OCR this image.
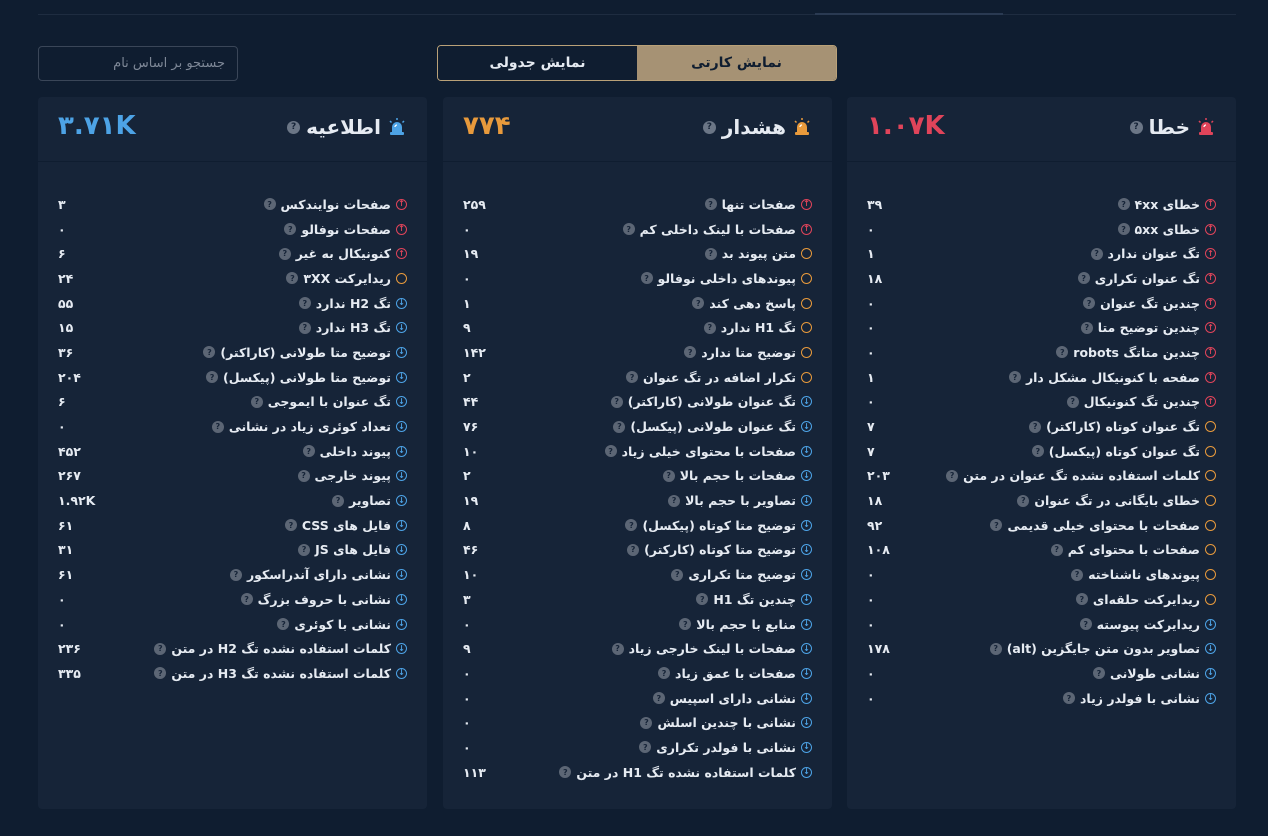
جستجو بر اساس نام
نمایش کارتی
نمایش جدولی
خطا
?
۱.۰۷K
↑
خطای ۴xx
?
۳۹
↑
خطای ۵xx
?
۰
↑
تگ عنوان ندارد
?
۱
↑
تگ عنوان تکراری
?
۱۸
↑
چندین تگ عنوان
?
۰
↑
چندین توضیح متا
?
۰
↑
چندین متاتگ robots
?
۰
↑
صفحه با کنونیکال مشکل دار
?
۱
↑
چندین تگ کنونیکال
?
۰
تگ عنوان کوتاه (کاراکتر)
?
۷
تگ عنوان کوتاه (پیکسل)
?
۷
کلمات استفاده نشده تگ عنوان در متن
?
۲۰۳
خطای بایگانی در تگ عنوان
?
۱۸
صفحات با محتوای خیلی قدیمی
?
۹۲
صفحات با محتوای کم
?
۱۰۸
پیوندهای ناشناخته
?
۰
ریدایرکت حلقه‌ای
?
۰
↓
ریدایرکت پیوسته
?
۰
↓
تصاویر بدون متن جایگزین (alt)
?
۱۷۸
↓
نشانی طولانی
?
۰
↓
نشانی با فولدر زیاد
?
۰
هشدار
?
۷۷۴
↑
صفحات تنها
?
۲۵۹
↑
صفحات با لینک داخلی کم
?
۰
متن پیوند بد
?
۱۹
پیوندهای داخلی نوفالو
?
۰
پاسخ دهی کند
?
۱
تگ H1 ندارد
?
۹
توضیح متا ندارد
?
۱۴۲
تکرار اضافه در تگ عنوان
?
۲
↓
تگ عنوان طولانی (کاراکتر)
?
۴۴
↓
تگ عنوان طولانی (پیکسل)
?
۷۶
↓
صفحات با محتوای خیلی زیاد
?
۱۰
↓
صفحات با حجم بالا
?
۲
↓
تصاویر با حجم بالا
?
۱۹
↓
توضیح متا کوتاه (پیکسل)
?
۸
↓
توضیح متا کوتاه (کارکتر)
?
۴۶
↓
توضیح متا تکراری
?
۱۰
↓
چندین تگ H1
?
۳
↓
منابع با حجم بالا
?
۰
↓
صفحات با لینک خارجی زیاد
?
۹
↓
صفحات با عمق زیاد
?
۰
↓
نشانی دارای اسپیس
?
۰
↓
نشانی با چندین اسلش
?
۰
↓
نشانی با فولدر تکراری
?
۰
↓
کلمات استفاده نشده تگ H1 در متن
?
۱۱۳
اطلاعیه
?
۳.۷۱K
↑
صفحات نوایندکس
?
۳
↑
صفحات نوفالو
?
۰
↑
کنونیکال به غیر
?
۶
ریدایرکت ۳XX
?
۲۴
↓
تگ H2 ندارد
?
۵۵
↓
تگ H3 ندارد
?
۱۵
↓
توضیح متا طولانی (کاراکتر)
?
۳۶
↓
توضیح متا طولانی (پیکسل)
?
۲۰۴
↓
تگ عنوان با ایموجی
?
۶
↓
تعداد کوئری زیاد در نشانی
?
۰
↓
پیوند داخلی
?
۴۵۲
↓
پیوند خارجی
?
۲۶۷
↓
تصاویر
?
۱.۹۲K
↓
فایل های CSS
?
۶۱
↓
فایل های JS
?
۳۱
↓
نشانی دارای آندراسکور
?
۶۱
↓
نشانی با حروف بزرگ
?
۰
↓
نشانی با کوئری
?
۰
↓
کلمات استفاده نشده تگ H2 در متن
?
۲۳۶
↓
کلمات استفاده نشده تگ H3 در متن
?
۳۳۵
